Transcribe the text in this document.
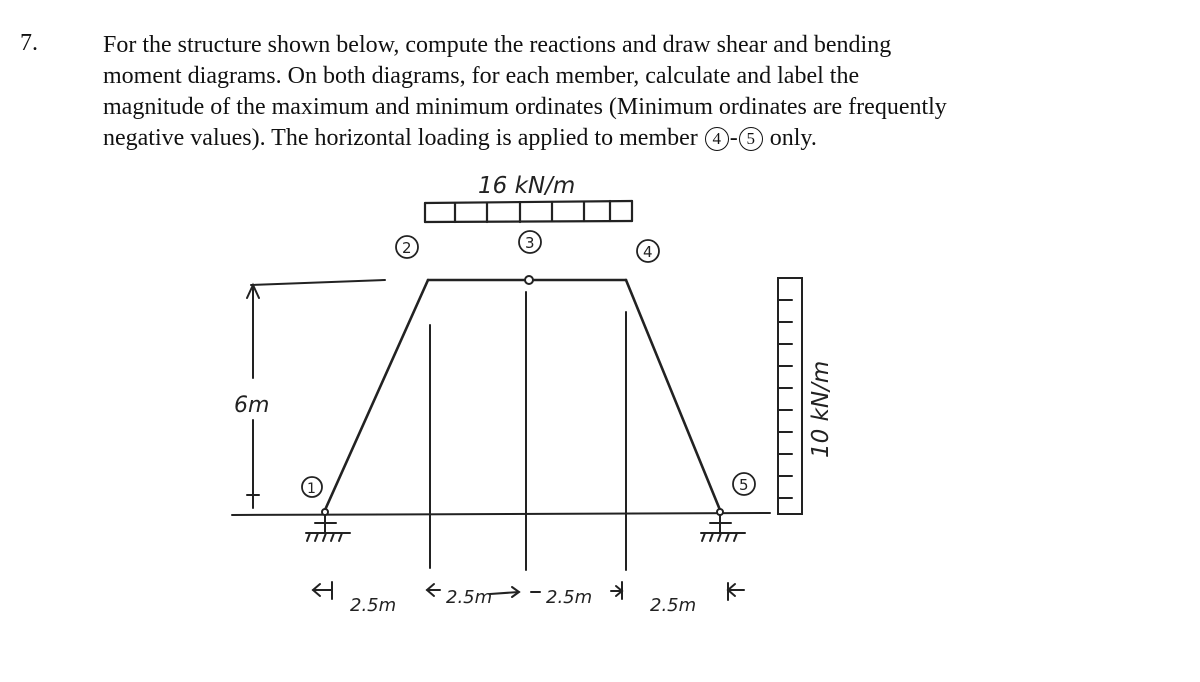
7.	For the structure shown below, compute the reactions and draw shear and bending
moment diagrams. On both diagrams, for each member, calculate and label the
magnitude of the maximum and minimum ordinates (Minimum ordinates are frequently
negative values). The horizontal loading is applied to member 4 - 5 only.
16 kN/m
6m	10 kN/m
1
2	3	4
5
2.5m	2.5m	2.5m	2.5m
